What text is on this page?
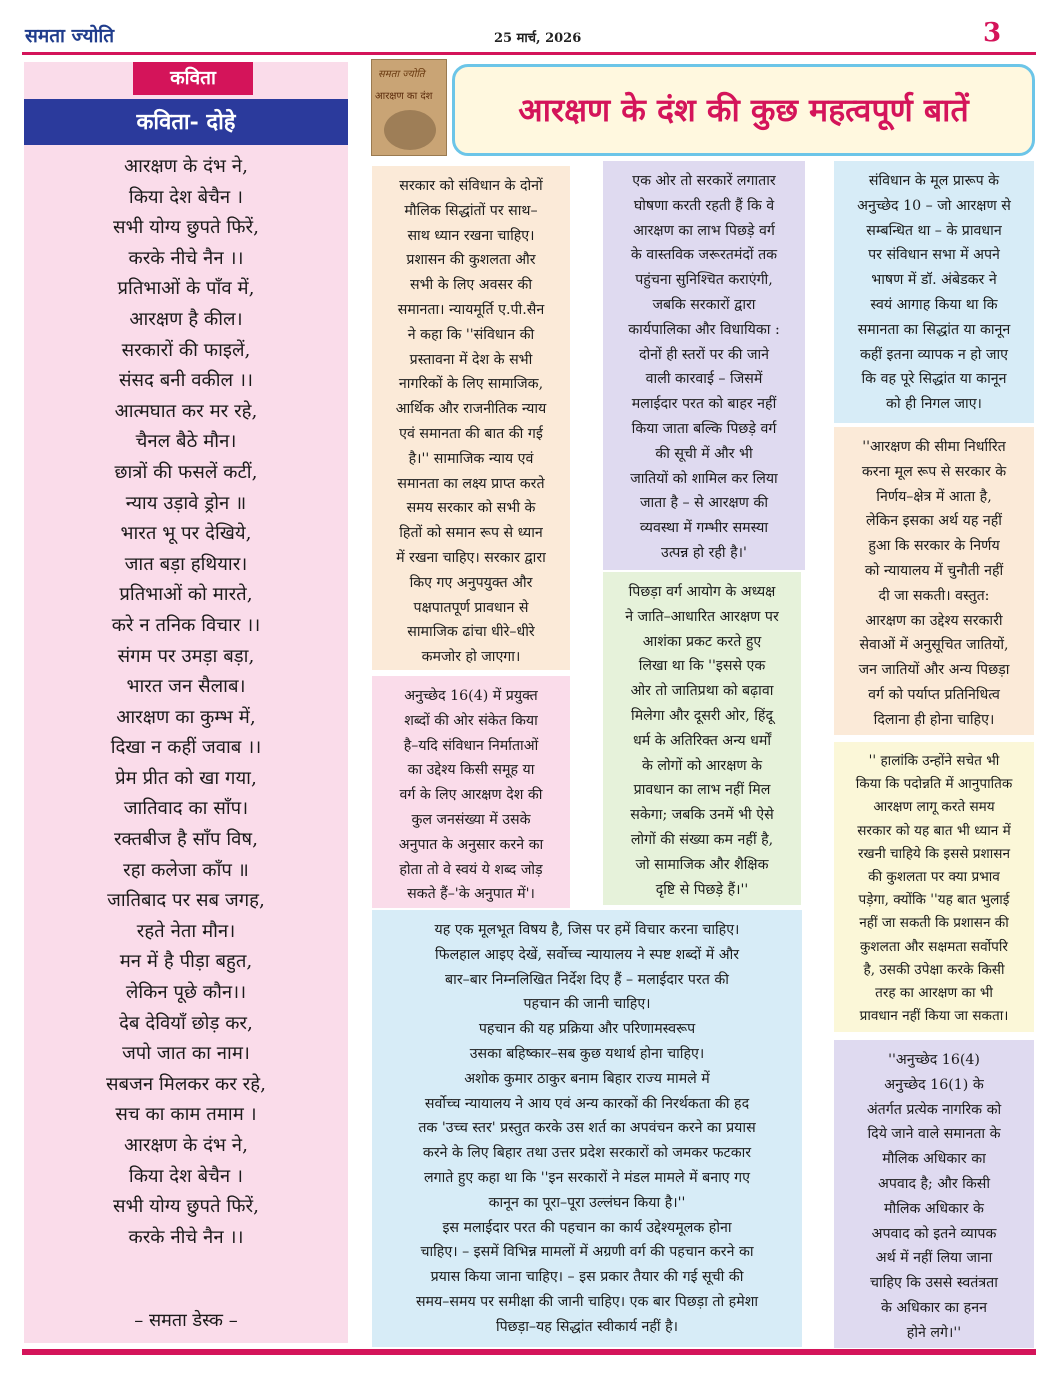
समता ज्योति	25 मार्च, 2026	3
कविता
कविता- दोहे
आरक्षण के दंभ ने,
किया देश बेचैन ।
सभी योग्य छुपते फिरें,
करके नीचे नैन ।।
प्रतिभाओं के पाँव में,
आरक्षण है कील।
सरकारों की फाइलें,
संसद बनी वकील ।।
आत्मघात कर मर रहे,
चैनल बैठे मौन।
छात्रों की फसलें कटीं,
न्याय उड़ावे ड्रोन ॥
भारत भू पर देखिये,
जात बड़ा हथियार।
प्रतिभाओं को मारते,
करे न तनिक विचार ।।
संगम पर उमड़ा बड़ा,
भारत जन सैलाब।
आरक्षण का कुम्भ में,
दिखा न कहीं जवाब ।।
प्रेम प्रीत को खा गया,
जातिवाद का साँप।
रक्तबीज है साँप विष,
रहा कलेजा काँप ॥
जातिबाद पर सब जगह,
रहते नेता मौन।
मन में है पीड़ा बहुत,
लेकिन पूछे कौन।।
देब देवियाँ छोड़ कर,
जपो जात का नाम।
सबजन मिलकर कर रहे,
सच का काम तमाम ।
आरक्षण के दंभ ने,
किया देश बेचैन ।
सभी योग्य छुपते फिरें,
करके नीचे नैन ।।
– समता डेस्क –
समता ज्योति
आरक्षण का दंश	आरक्षण के दंश की कुछ महत्वपूर्ण बातें
सरकार को संविधान के दोनों
मौलिक सिद्धांतों पर साथ–
साथ ध्यान रखना चाहिए।
प्रशासन की कुशलता और
सभी के लिए अवसर की
समानता। न्यायमूर्ति ए.पी.सैन
ने कहा कि ''संविधान की
प्रस्तावना में देश के सभी
नागरिकों के लिए सामाजिक,
आर्थिक और राजनीतिक न्याय
एवं समानता की बात की गई
है।'' सामाजिक न्याय एवं
समानता का लक्ष्य प्राप्त करते
समय सरकार को सभी के
हितों को समान रूप से ध्यान
में रखना चाहिए। सरकार द्वारा
किए गए अनुपयुक्त और
पक्षपातपूर्ण प्रावधान से
सामाजिक ढांचा धीरे–धीरे
कमजोर हो जाएगा।
अनुच्छेद 16(4) में प्रयुक्त
शब्दों की ओर संकेत किया
है–यदि संविधान निर्माताओं
का उद्देश्य किसी समूह या
वर्ग के लिए आरक्षण देश की
कुल जनसंख्या में उसके
अनुपात के अनुसार करने का
होता तो वे स्वयं ये शब्द जोड़
सकते हैं–'के अनुपात में'।
एक ओर तो सरकारें लगातार
घोषणा करती रहती हैं कि वे
आरक्षण का लाभ पिछड़े वर्ग
के वास्तविक जरूरतमंदों तक
पहुंचना सुनिश्चित कराएंगी,
जबकि सरकारों द्वारा
कार्यपालिका और विधायिका :
दोनों ही स्तरों पर की जाने
वाली कारवाई – जिसमें
मलाईदार परत को बाहर नहीं
किया जाता बल्कि पिछड़े वर्ग
की सूची में और भी
जातियों को शामिल कर लिया
जाता है – से आरक्षण की
व्यवस्था में गम्भीर समस्या
उत्पन्न हो रही है।'
पिछड़ा वर्ग आयोग के अध्यक्ष
ने जाति–आधारित आरक्षण पर
आशंका प्रकट करते हुए
लिखा था कि ''इससे एक
ओर तो जातिप्रथा को बढ़ावा
मिलेगा और दूसरी ओर, हिंदू
धर्म के अतिरिक्त अन्य धर्मों
के लोगों को आरक्षण के
प्रावधान का लाभ नहीं मिल
सकेगा; जबकि उनमें भी ऐसे
लोगों की संख्या कम नहीं है,
जो सामाजिक और शैक्षिक
दृष्टि से पिछड़े हैं।''
यह एक मूलभूत विषय है, जिस पर हमें विचार करना चाहिए।
फिलहाल आइए देखें, सर्वोच्च न्यायालय ने स्पष्ट शब्दों में और
बार–बार निम्नलिखित निर्देश दिए हैं – मलाईदार परत की
पहचान की जानी चाहिए।
पहचान की यह प्रक्रिया और परिणामस्वरूप
उसका बहिष्कार–सब कुछ यथार्थ होना चाहिए।
अशोक कुमार ठाकुर बनाम बिहार राज्य मामले में
सर्वोच्च न्यायालय ने आय एवं अन्य कारकों की निरर्थकता की हद
तक 'उच्च स्तर' प्रस्तुत करके उस शर्त का अपवंचन करने का प्रयास
करने के लिए बिहार तथा उत्तर प्रदेश सरकारों को जमकर फटकार
लगाते हुए कहा था कि ''इन सरकारों ने मंडल मामले में बनाए गए
कानून का पूरा–पूरा उल्लंघन किया है।''
इस मलाईदार परत की पहचान का कार्य उद्देश्यमूलक होना
चाहिए। – इसमें विभिन्न मामलों में अग्रणी वर्ग की पहचान करने का
प्रयास किया जाना चाहिए। – इस प्रकार तैयार की गई सूची की
समय–समय पर समीक्षा की जानी चाहिए। एक बार पिछड़ा तो हमेशा
पिछड़ा–यह सिद्धांत स्वीकार्य नहीं है।
संविधान के मूल प्रारूप के
अनुच्छेद 10 – जो आरक्षण से
सम्बन्धित था – के प्रावधान
पर संविधान सभा में अपने
भाषण में डॉ. अंबेडकर ने
स्वयं आगाह किया था कि
समानता का सिद्धांत या कानून
कहीं इतना व्यापक न हो जाए
कि वह पूरे सिद्धांत या कानून
को ही निगल जाए।
''आरक्षण की सीमा निर्धारित
करना मूल रूप से सरकार के
निर्णय–क्षेत्र में आता है,
लेकिन इसका अर्थ यह नहीं
हुआ कि सरकार के निर्णय
को न्यायालय में चुनौती नहीं
दी जा सकती। वस्तुत:
आरक्षण का उद्देश्य सरकारी
सेवाओं में अनुसूचित जातियों,
जन जातियों और अन्य पिछड़ा
वर्ग को पर्याप्त प्रतिनिधित्व
दिलाना ही होना चाहिए।
'' हालांकि उन्होंने सचेत भी
किया कि पदोन्नति में आनुपातिक
आरक्षण लागू करते समय
सरकार को यह बात भी ध्यान में
रखनी चाहिये कि इससे प्रशासन
की कुशलता पर क्या प्रभाव
पड़ेगा, क्योंकि ''यह बात भुलाई
नहीं जा सकती कि प्रशासन की
कुशलता और सक्षमता सर्वोपरि
है, उसकी उपेक्षा करके किसी
तरह का आरक्षण का भी
प्रावधान नहीं किया जा सकता।
''अनुच्छेद 16(4)
अनुच्छेद 16(1) के
अंतर्गत प्रत्येक नागरिक को
दिये जाने वाले समानता के
मौलिक अधिकार का
अपवाद है; और किसी
मौलिक अधिकार के
अपवाद को इतने व्यापक
अर्थ में नहीं लिया जाना
चाहिए कि उससे स्वतंत्रता
के अधिकार का हनन
होने लगे।''
